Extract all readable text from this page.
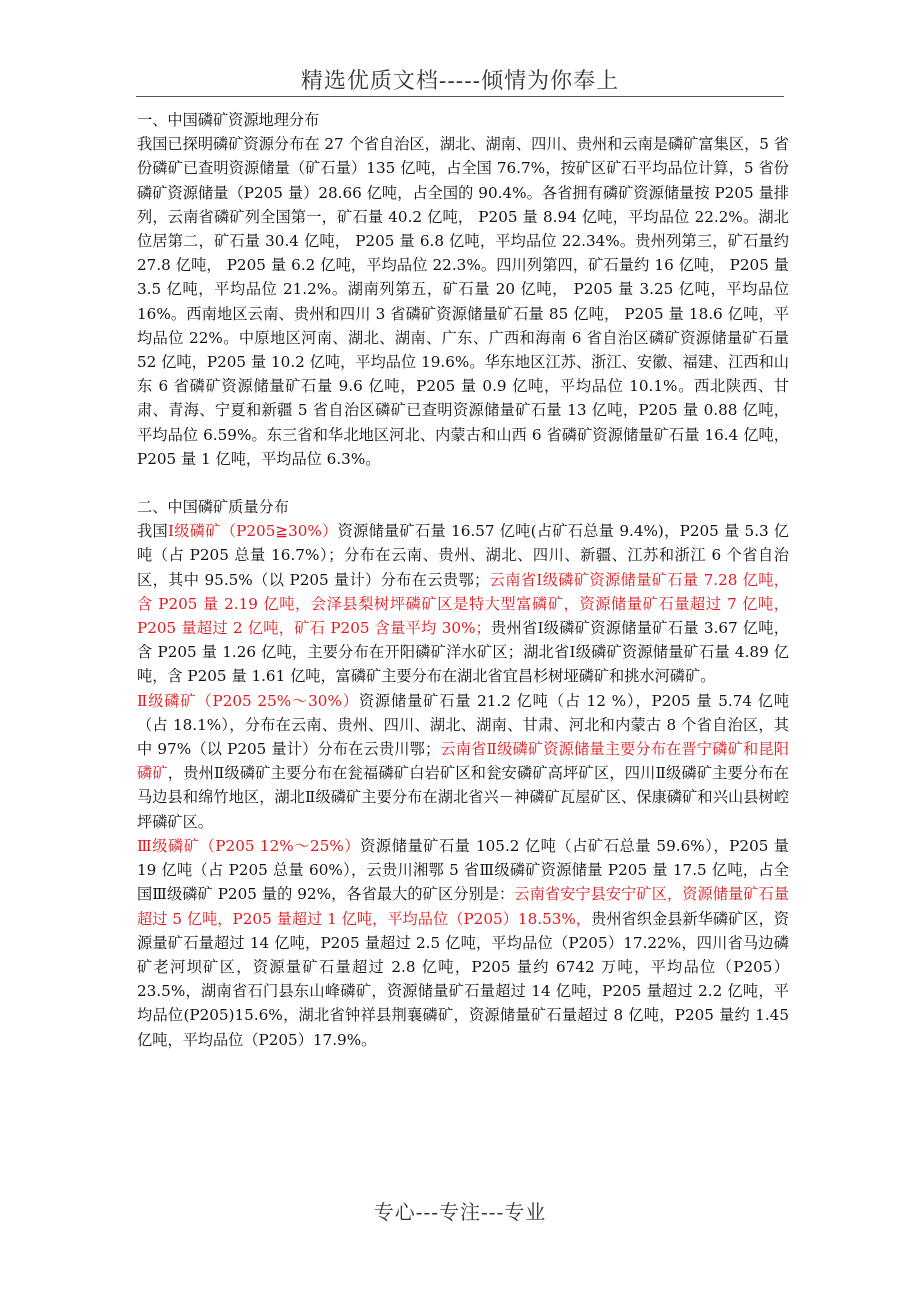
精选优质文档-----倾情为你奉上

一、中国磷矿资源地理分布

我国已探明磷矿资源分布在 27 个省自治区，湖北、湖南、四川、贵州和云南是磷矿富集区，5 省份磷矿已查明资源储量（矿石量）135 亿吨，占全国 76.7%，按矿区矿石平均品位计算，5 省份磷矿资源储量（P205 量）28.66 亿吨，占全国的 90.4%。各省拥有磷矿资源储量按 P205 量排列，云南省磷矿列全国第一，矿石量 40.2 亿吨， P205 量 8.94 亿吨，平均品位 22.2%。湖北位居第二，矿石量 30.4 亿吨， P205 量 6.8 亿吨，平均品位 22.34%。贵州列第三，矿石量约 27.8 亿吨， P205 量 6.2 亿吨，平均品位 22.3%。四川列第四，矿石量约 16 亿吨， P205 量 3.5 亿吨，平均品位 21.2%。湖南列第五，矿石量 20 亿吨， P205 量 3.25 亿吨，平均品位 16%。西南地区云南、贵州和四川 3 省磷矿资源储量矿石量 85 亿吨， P205 量 18.6 亿吨，平均品位 22%。中原地区河南、湖北、湖南、广东、广西和海南 6 省自治区磷矿资源储量矿石量 52 亿吨，P205 量 10.2 亿吨，平均品位 19.6%。华东地区江苏、浙江、安徽、福建、江西和山东 6 省磷矿资源储量矿石量 9.6 亿吨，P205 量 0.9 亿吨，平均品位 10.1%。西北陕西、甘肃、青海、宁夏和新疆 5 省自治区磷矿已查明资源储量矿石量 13 亿吨，P205 量 0.88 亿吨，平均品位 6.59%。东三省和华北地区河北、内蒙古和山西 6 省磷矿资源储量矿石量 16.4 亿吨，P205 量 1 亿吨，平均品位 6.3%。

二、中国磷矿质量分布

我国Ⅰ级磷矿（P205≧30%）资源储量矿石量 16.57 亿吨(占矿石总量 9.4%)，P205 量 5.3 亿吨（占 P205 总量 16.7%）；分布在云南、贵州、湖北、四川、新疆、江苏和浙江 6 个省自治区，其中 95.5%（以 P205 量计）分布在云贵鄂；云南省Ⅰ级磷矿资源储量矿石量 7.28 亿吨，含 P205 量 2.19 亿吨，会泽县梨树坪磷矿区是特大型富磷矿，资源储量矿石量超过 7 亿吨，P205 量超过 2 亿吨，矿石 P205 含量平均 30%；贵州省Ⅰ级磷矿资源储量矿石量 3.67 亿吨，含 P205 量 1.26 亿吨，主要分布在开阳磷矿洋水矿区；湖北省Ⅰ级磷矿资源储量矿石量 4.89 亿吨，含 P205 量 1.61 亿吨，富磷矿主要分布在湖北省宜昌杉树垭磷矿和挑水河磷矿。

Ⅱ级磷矿（P205 25%～30%）资源储量矿石量 21.2 亿吨（占 12 %），P205 量 5.74 亿吨（占 18.1%），分布在云南、贵州、四川、湖北、湖南、甘肃、河北和内蒙古 8 个省自治区，其中 97%（以 P205 量计）分布在云贵川鄂；云南省Ⅱ级磷矿资源储量主要分布在晋宁磷矿和昆阳磷矿，贵州Ⅱ级磷矿主要分布在瓮福磷矿白岩矿区和瓮安磷矿高坪矿区，四川Ⅱ级磷矿主要分布在马边县和绵竹地区，湖北Ⅱ级磷矿主要分布在湖北省兴－神磷矿瓦屋矿区、保康磷矿和兴山县树崆坪磷矿区。

Ⅲ级磷矿（P205 12%～25%）资源储量矿石量 105.2 亿吨（占矿石总量 59.6%），P205 量 19 亿吨（占 P205 总量 60%），云贵川湘鄂 5 省Ⅲ级磷矿资源储量 P205 量 17.5 亿吨，占全国Ⅲ级磷矿 P205 量的 92%，各省最大的矿区分别是：云南省安宁县安宁矿区，资源储量矿石量超过 5 亿吨，P205 量超过 1 亿吨，平均品位（P205）18.53%，贵州省织金县新华磷矿区，资源量矿石量超过 14 亿吨，P205 量超过 2.5 亿吨，平均品位（P205）17.22%，四川省马边磷矿老河坝矿区，资源量矿石量超过 2.8 亿吨，P205 量约 6742 万吨，平均品位（P205）23.5%，湖南省石门县东山峰磷矿，资源储量矿石量超过 14 亿吨，P205 量超过 2.2 亿吨，平均品位(P205)15.6%，湖北省钟祥县荆襄磷矿，资源储量矿石量超过 8 亿吨，P205 量约 1.45 亿吨，平均品位（P205）17.9%。

专心---专注---专业
